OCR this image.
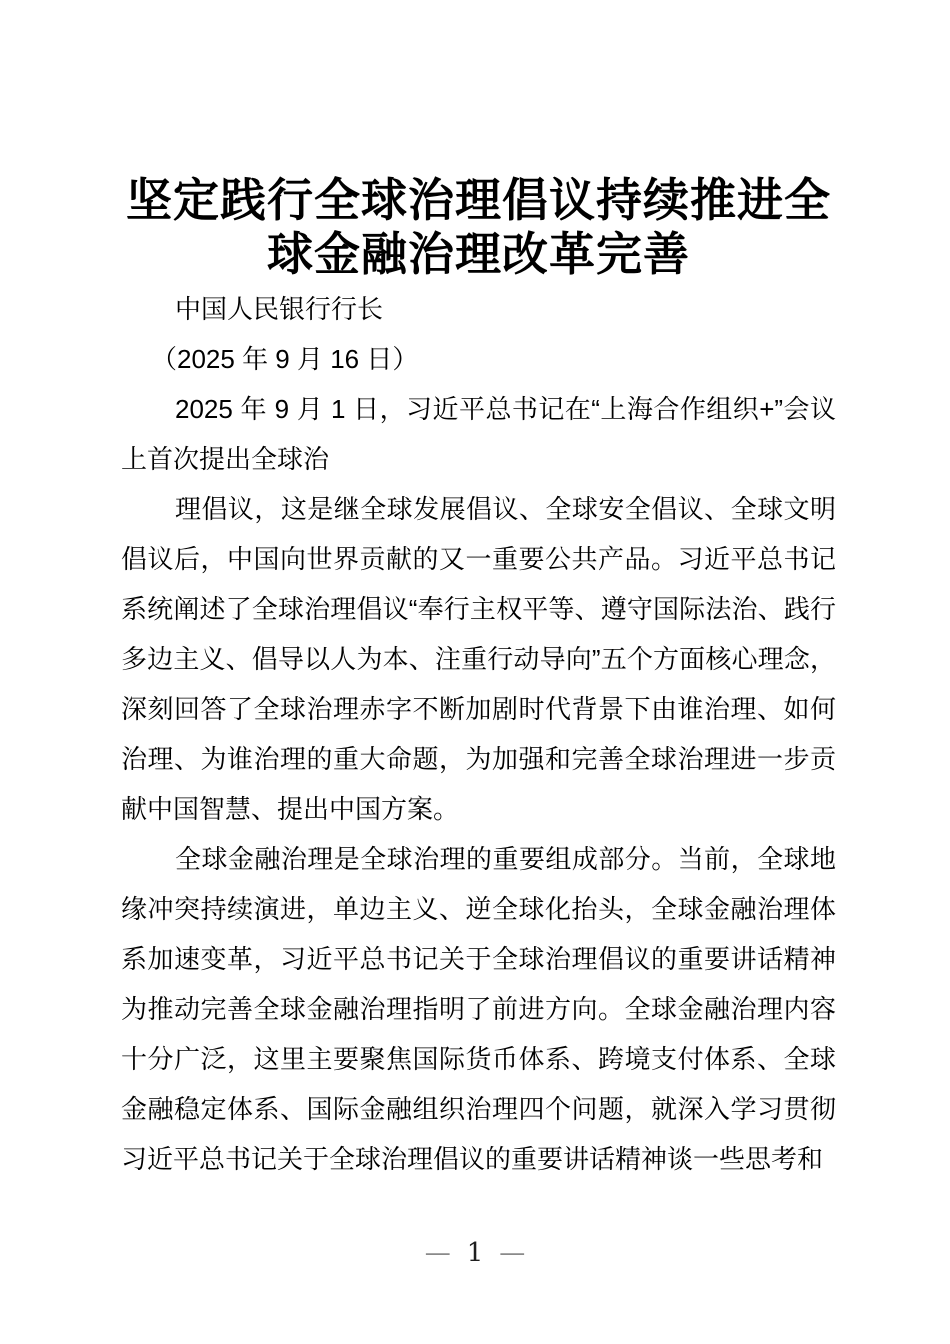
坚定践行全球治理倡议持续推进全球金融治理改革完善
中国人民银行行长
（2025 年 9 月 16 日）

2025 年 9 月 1 日，习近平总书记在“上海合作组织+”会议上首次提出全球治

理倡议，这是继全球发展倡议、全球安全倡议、全球文明倡议后，中国向世界贡献的又一重要公共产品。习近平总书记系统阐述了全球治理倡议“奉行主权平等、遵守国际法治、践行多边主义、倡导以人为本、注重行动导向”五个方面核心理念，深刻回答了全球治理赤字不断加剧时代背景下由谁治理、如何治理、为谁治理的重大命题，为加强和完善全球治理进一步贡献中国智慧、提出中国方案。

全球金融治理是全球治理的重要组成部分。当前，全球地缘冲突持续演进，单边主义、逆全球化抬头，全球金融治理体系加速变革，习近平总书记关于全球治理倡议的重要讲话精神为推动完善全球金融治理指明了前进方向。全球金融治理内容十分广泛，这里主要聚焦国际货币体系、跨境支付体系、全球金融稳定体系、国际金融组织治理四个问题，就深入学习贯彻习近平总书记关于全球治理倡议的重要讲话精神谈一些思考和

— 1 —
